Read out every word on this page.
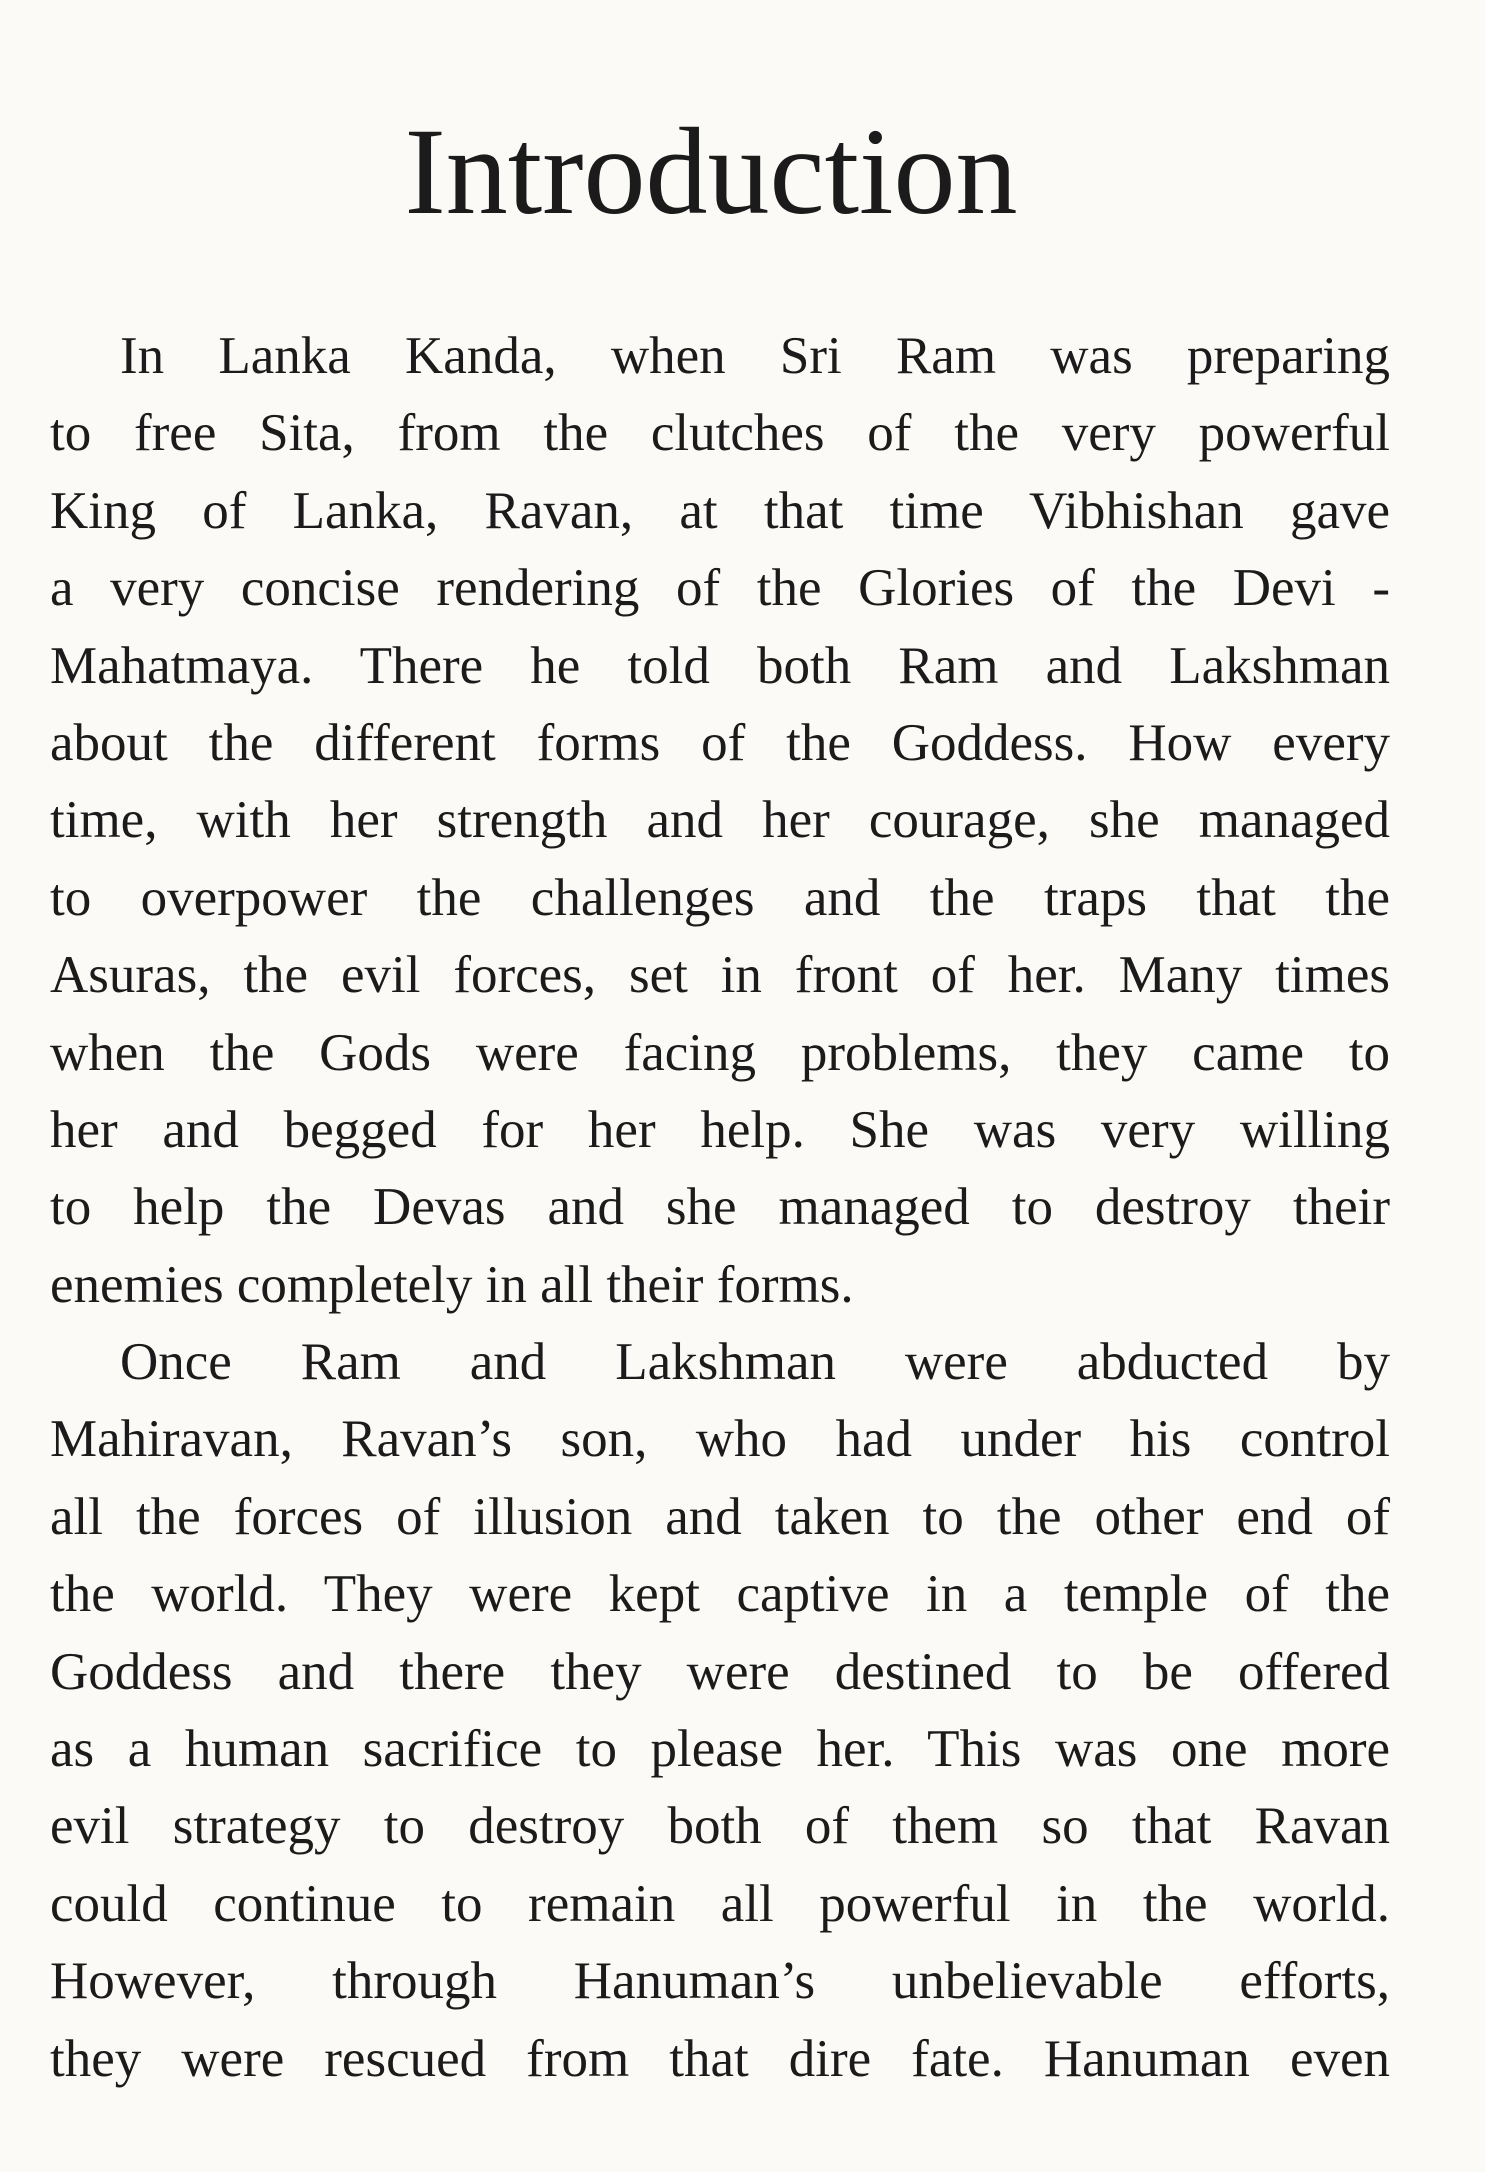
Introduction
In Lanka Kanda, when Sri Ram was preparing
to free Sita, from the clutches of the very powerful
King of Lanka, Ravan, at that time Vibhishan gave
a very concise rendering of the Glories of the Devi -
Mahatmaya. There he told both Ram and Lakshman
about the different forms of the Goddess. How every
time, with her strength and her courage, she managed
to overpower the challenges and the traps that the
Asuras, the evil forces, set in front of her. Many times
when the Gods were facing problems, they came to
her and begged for her help. She was very willing
to help the Devas and she managed to destroy their
enemies completely in all their forms.
Once Ram and Lakshman were abducted by
Mahiravan, Ravan’s son, who had under his control
all the forces of illusion and taken to the other end of
the world. They were kept captive in a temple of the
Goddess and there they were destined to be offered
as a human sacrifice to please her. This was one more
evil strategy to destroy both of them so that Ravan
could continue to remain all powerful in the world.
However, through Hanuman’s unbelievable efforts,
they were rescued from that dire fate. Hanuman even
